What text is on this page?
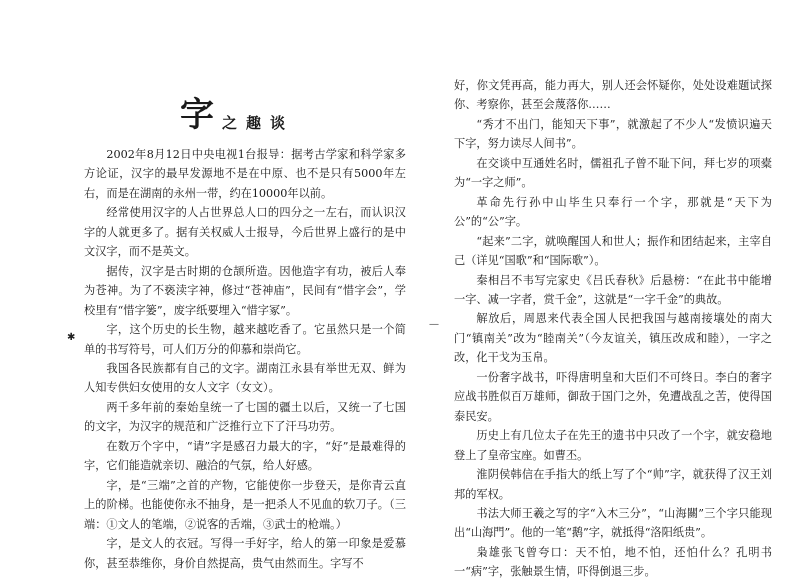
字 之趣谈
✱

2002年8月12日中央电视1台报导：据考古学家和科学家多方论证，汉字的最早发源地不是在中原、也不是只有5000年左右，而是在湖南的永州一带，约在10000年以前。

经常使用汉字的人占世界总人口的四分之一左右，而认识汉字的人就更多了。据有关权威人士报导，今后世界上盛行的是中文汉字，而不是英文。

据传，汉字是古时期的仓颉所造。因他造字有功，被后人奉为苍神。为了不亵渎字神，修过“苍神庙”，民间有“惜字会”，学校里有“惜字篓”，废字纸要埋入“惜字冢”。

字，这个历史的长生物，越来越吃香了。它虽然只是一个简单的书写符号，可人们万分的仰慕和崇尚它。

我国各民族都有自己的文字。湖南江永县有举世无双、鲜为人知专供妇女使用的女人文字（女文）。

两千多年前的秦始皇统一了七国的疆土以后，又统一了七国的文字，为汉字的规范和广泛推行立下了汗马功劳。

在数万个字中，“请”字是感召力最大的字，“好”是最难得的字，它们能造就亲切、融洽的气氛，给人好感。

字，是“三端”之首的产物，它能使你一步登天，是你青云直上的阶梯。也能使你永不抽身，是一把杀人不见血的软刀子。（三端：①文人的笔端，②说客的舌端，③武士的枪端。）

字，是文人的衣冠。写得一手好字，给人的第一印象是爱慕你，甚至恭维你，身价自然提高，贵气由然而生。字写不

—

好，你文凭再高，能力再大，别人还会怀疑你，处处设难题试探你、考察你，甚至会蔑落你……

“秀才不出门，能知天下事”，就激起了不少人“发愤识遍天下字，努力读尽人间书”。

在交谈中互通姓名时，儒祖孔子曾不耻下问，拜七岁的项橐为“一字之师”。

革命先行孙中山毕生只奉行一个字，那就是“天下为公”的“公”字。

“起来”二字，就唤醒国人和世人；振作和团结起来，主宰自己（详见“国歌”和“国际歌”）。

秦相吕不韦写完家史《吕氏春秋》后悬榜：“在此书中能增一字、减一字者，赏千金”，这就是“一字千金”的典故。

解放后，周恩来代表全国人民把我国与越南接壤处的南大门“镇南关”改为“睦南关”（今友谊关，镇压改成和睦），一字之改，化干戈为玉帛。

一份奢字战书，吓得唐明皇和大臣们不可终日。李白的奢字应战书胜似百万雄师，御敌于国门之外，免遭战乱之苦，使得国泰民安。

历史上有几位太子在先王的遗书中只改了一个字，就安稳地登上了皇帝宝座。如曹丕。

淮阴侯韩信在手指大的纸上写了个“帅”字，就获得了汉王刘邦的军权。

书法大师王羲之写的字“入木三分”，“山海關”三个字只能现出“山海門”。他的一笔“鹅”字，就抵得“洛阳纸贵”。

枭雄张飞曾夸口：天不怕，地不怕，还怕什么？孔明书一“病”字，张触景生情，吓得倒退三步。
